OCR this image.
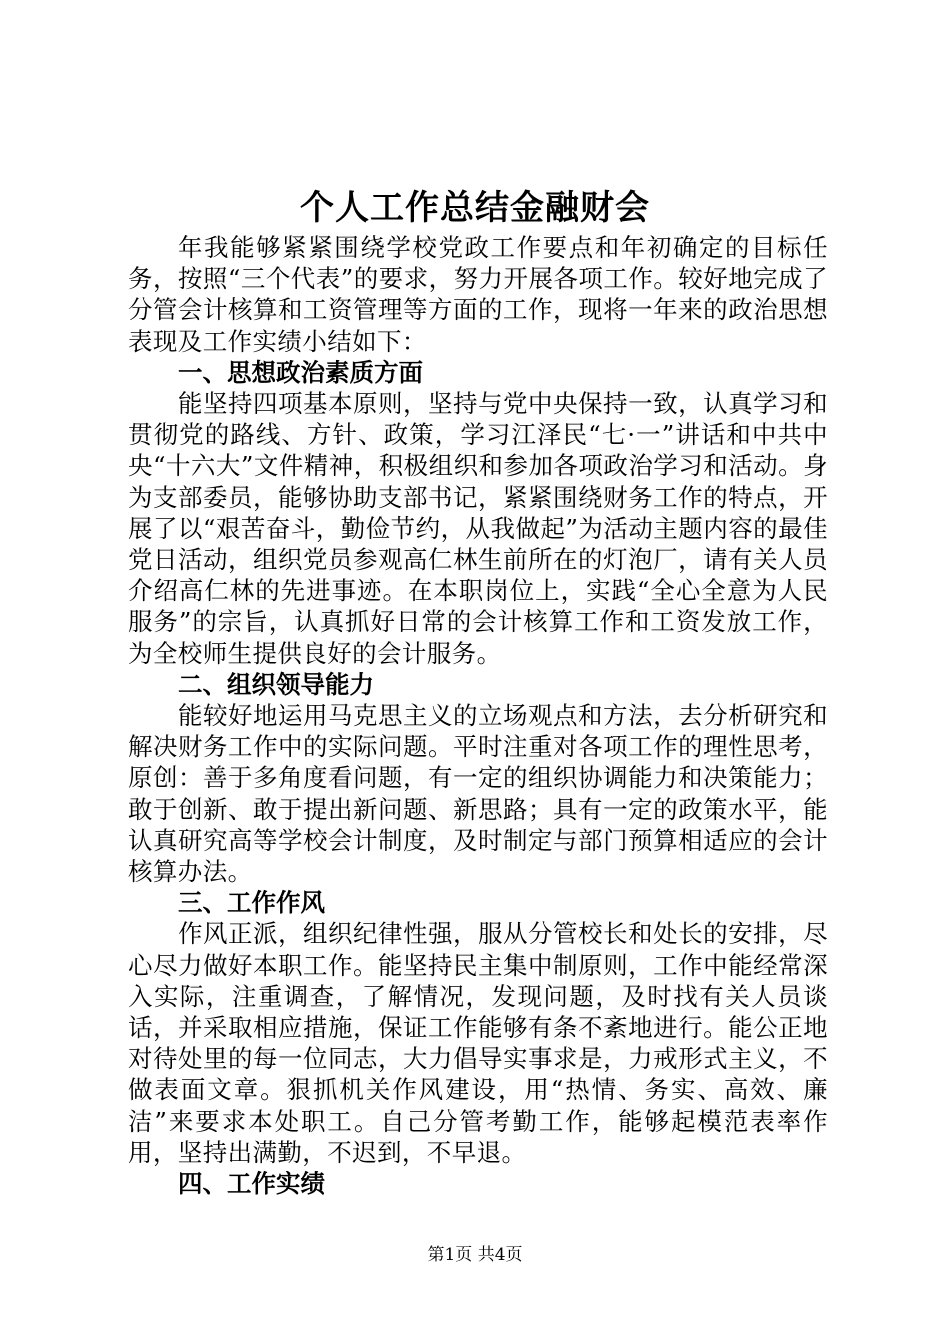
个人工作总结金融财会

年我能够紧紧围绕学校党政工作要点和年初确定的目标任务，按照“三个代表”的要求，努力开展各项工作。较好地完成了分管会计核算和工资管理等方面的工作，现将一年来的政治思想表现及工作实绩小结如下：

一、思想政治素质方面

能坚持四项基本原则，坚持与党中央保持一致，认真学习和贯彻党的路线、方针、政策，学习江泽民“七·一”讲话和中共中央“十六大”文件精神，积极组织和参加各项政治学习和活动。身为支部委员，能够协助支部书记，紧紧围绕财务工作的特点，开展了以“艰苦奋斗，勤俭节约，从我做起”为活动主题内容的最佳党日活动，组织党员参观高仁林生前所在的灯泡厂，请有关人员介绍高仁林的先进事迹。在本职岗位上，实践“全心全意为人民服务”的宗旨，认真抓好日常的会计核算工作和工资发放工作，为全校师生提供良好的会计服务。

二、组织领导能力

能较好地运用马克思主义的立场观点和方法，去分析研究和解决财务工作中的实际问题。平时注重对各项工作的理性思考，原创：善于多角度看问题，有一定的组织协调能力和决策能力；敢于创新、敢于提出新问题、新思路；具有一定的政策水平，能认真研究高等学校会计制度，及时制定与部门预算相适应的会计核算办法。

三、工作作风

作风正派，组织纪律性强，服从分管校长和处长的安排，尽心尽力做好本职工作。能坚持民主集中制原则，工作中能经常深入实际，注重调查，了解情况，发现问题，及时找有关人员谈话，并采取相应措施，保证工作能够有条不紊地进行。能公正地对待处里的每一位同志，大力倡导实事求是，力戒形式主义，不做表面文章。狠抓机关作风建设，用“热情、务实、高效、廉洁”来要求本处职工。自己分管考勤工作，能够起模范表率作用，坚持出满勤，不迟到，不早退。

四、工作实绩

第1页 共4页
